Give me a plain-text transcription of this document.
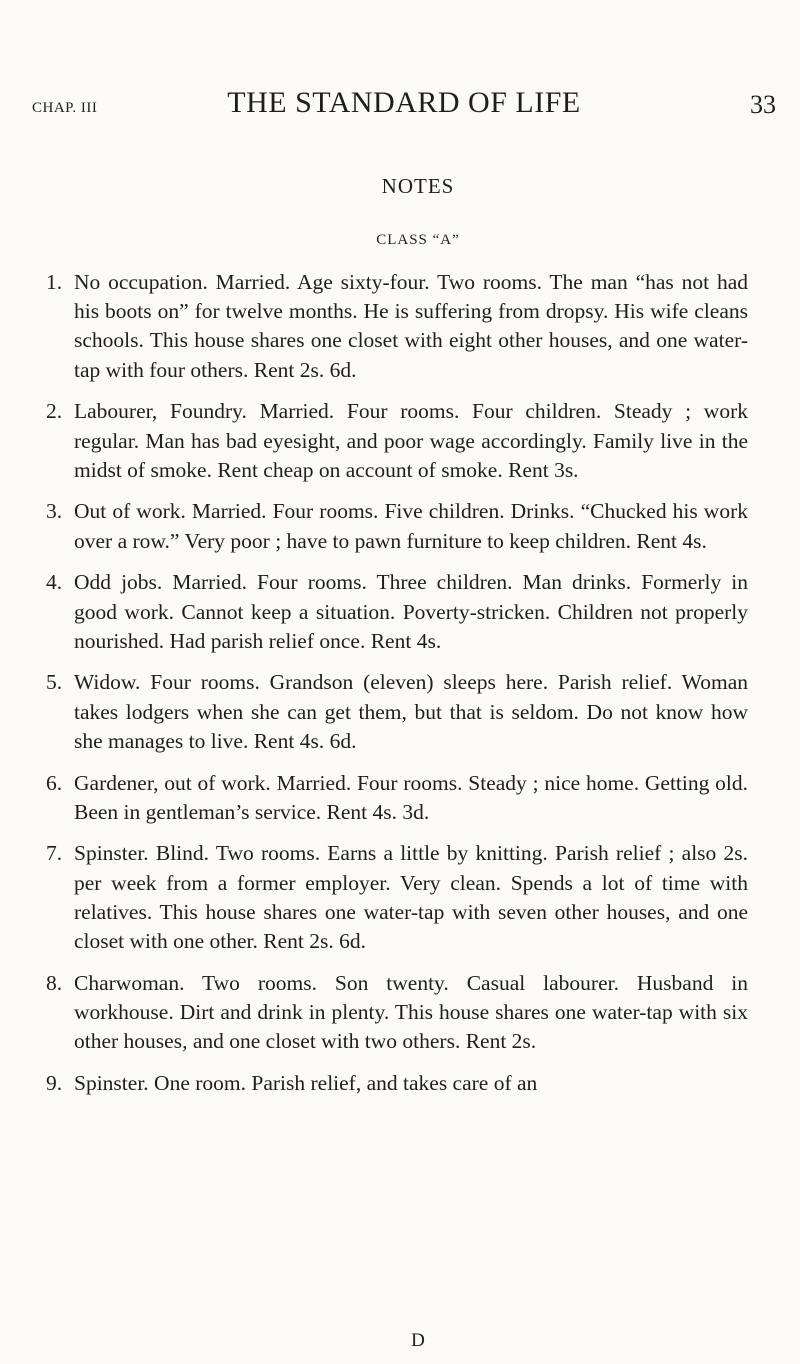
CHAP. III	THE STANDARD OF LIFE	33
NOTES
CLASS “A”
1. No occupation. Married. Age sixty-four. Two rooms. The man “has not had his boots on” for twelve months. He is suffering from dropsy. His wife cleans schools. This house shares one closet with eight other houses, and one water-tap with four others. Rent 2s. 6d.
2. Labourer, Foundry. Married. Four rooms. Four children. Steady ; work regular. Man has bad eyesight, and poor wage accordingly. Family live in the midst of smoke. Rent cheap on account of smoke. Rent 3s.
3. Out of work. Married. Four rooms. Five children. Drinks. “Chucked his work over a row.” Very poor ; have to pawn furniture to keep children. Rent 4s.
4. Odd jobs. Married. Four rooms. Three children. Man drinks. Formerly in good work. Cannot keep a situation. Poverty-stricken. Children not properly nourished. Had parish relief once. Rent 4s.
5. Widow. Four rooms. Grandson (eleven) sleeps here. Parish relief. Woman takes lodgers when she can get them, but that is seldom. Do not know how she manages to live. Rent 4s. 6d.
6. Gardener, out of work. Married. Four rooms. Steady ; nice home. Getting old. Been in gentleman’s service. Rent 4s. 3d.
7. Spinster. Blind. Two rooms. Earns a little by knitting. Parish relief ; also 2s. per week from a former employer. Very clean. Spends a lot of time with relatives. This house shares one water-tap with seven other houses, and one closet with one other. Rent 2s. 6d.
8. Charwoman. Two rooms. Son twenty. Casual labourer. Husband in workhouse. Dirt and drink in plenty. This house shares one water-tap with six other houses, and one closet with two others. Rent 2s.
9. Spinster. One room. Parish relief, and takes care of an
D
